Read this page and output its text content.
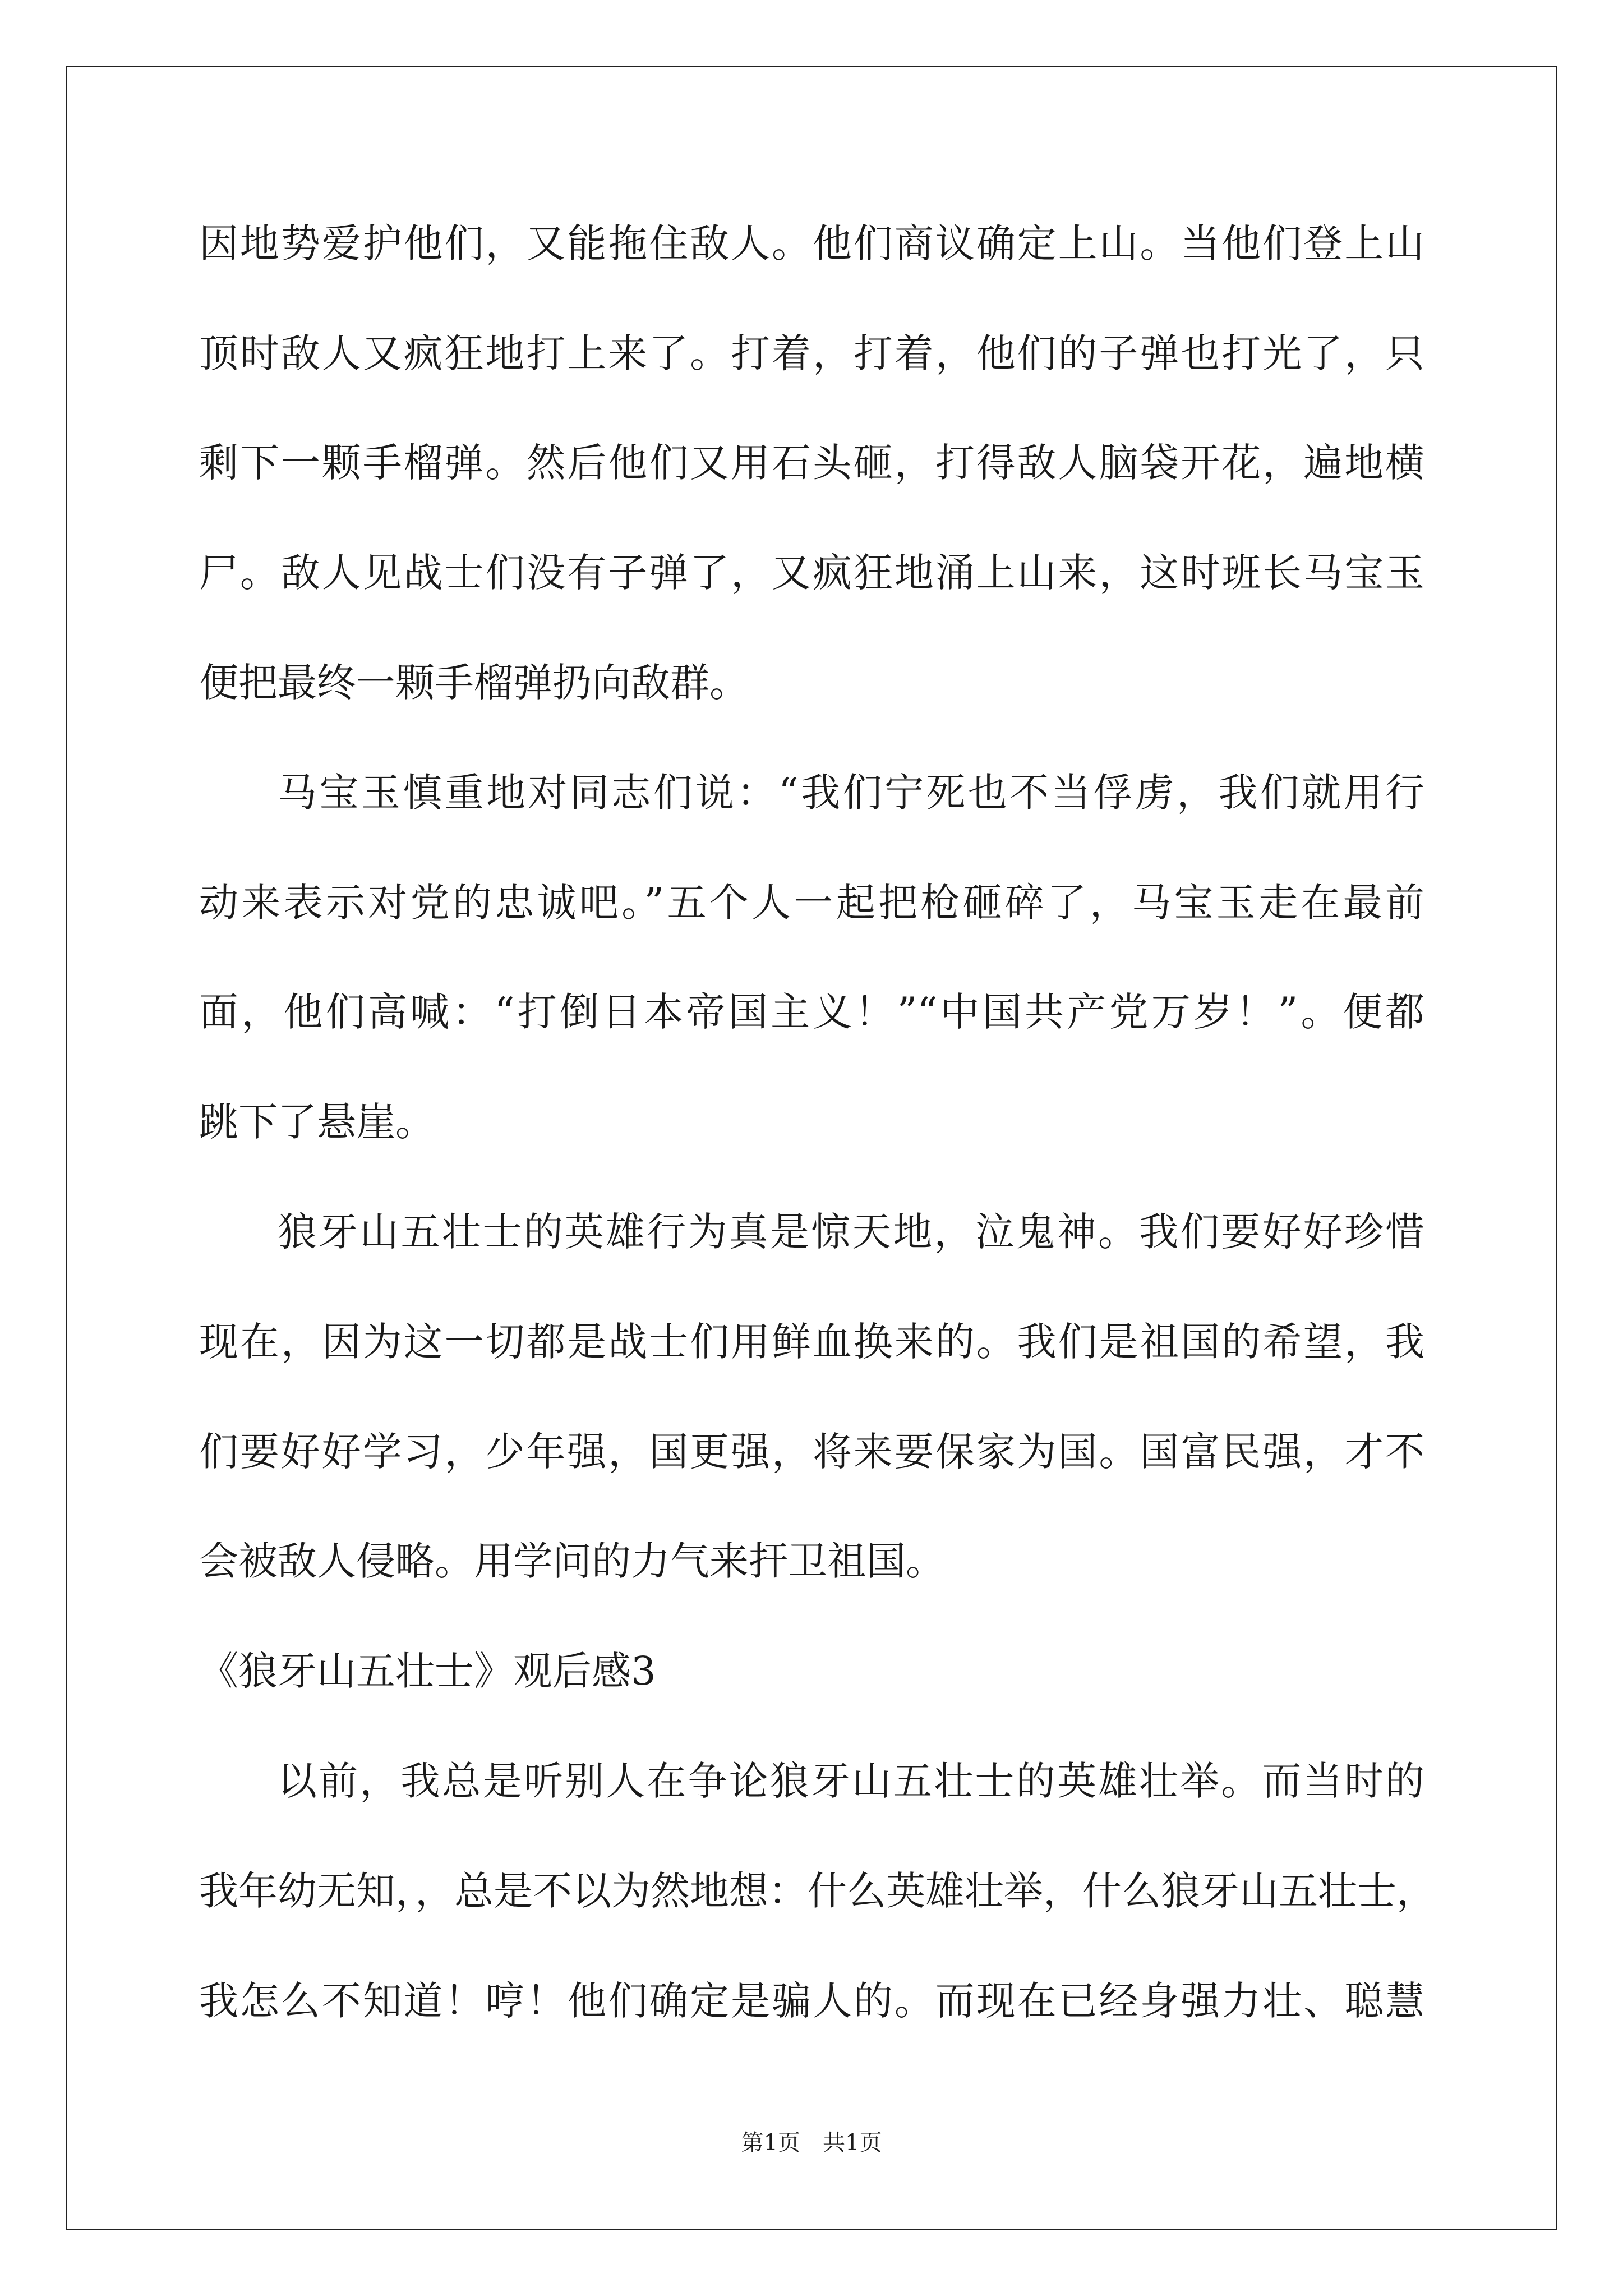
因地势爱护他们，又能拖住敌人。他们商议确定上山。当他们登上山
顶时敌人又疯狂地打上来了。打着，打着，他们的子弹也打光了，只
剩下一颗手榴弹。然后他们又用石头砸，打得敌人脑袋开花，遍地横
尸。敌人见战士们没有子弹了，又疯狂地涌上山来，这时班长马宝玉
便把最终一颗手榴弹扔向敌群。
马宝玉慎重地对同志们说：“我们宁死也不当俘虏，我们就用行
动来表示对党的忠诚吧。”五个人一起把枪砸碎了，马宝玉走在最前
面，他们高喊：“打倒日本帝国主义！”“中国共产党万岁！”。便都
跳下了悬崖。
狼牙山五壮士的英雄行为真是惊天地，泣鬼神。我们要好好珍惜
现在，因为这一切都是战士们用鲜血换来的。我们是祖国的希望，我
们要好好学习，少年强，国更强，将来要保家为国。国富民强，才不
会被敌人侵略。用学问的力气来扞卫祖国。
《狼牙山五壮士》观后感3
以前，我总是听别人在争论狼牙山五壮士的英雄壮举。而当时的
我年幼无知，，总是不以为然地想：什么英雄壮举，什么狼牙山五壮士，
我怎么不知道！哼！他们确定是骗人的。而现在已经身强力壮、聪慧
第1页　共1页
